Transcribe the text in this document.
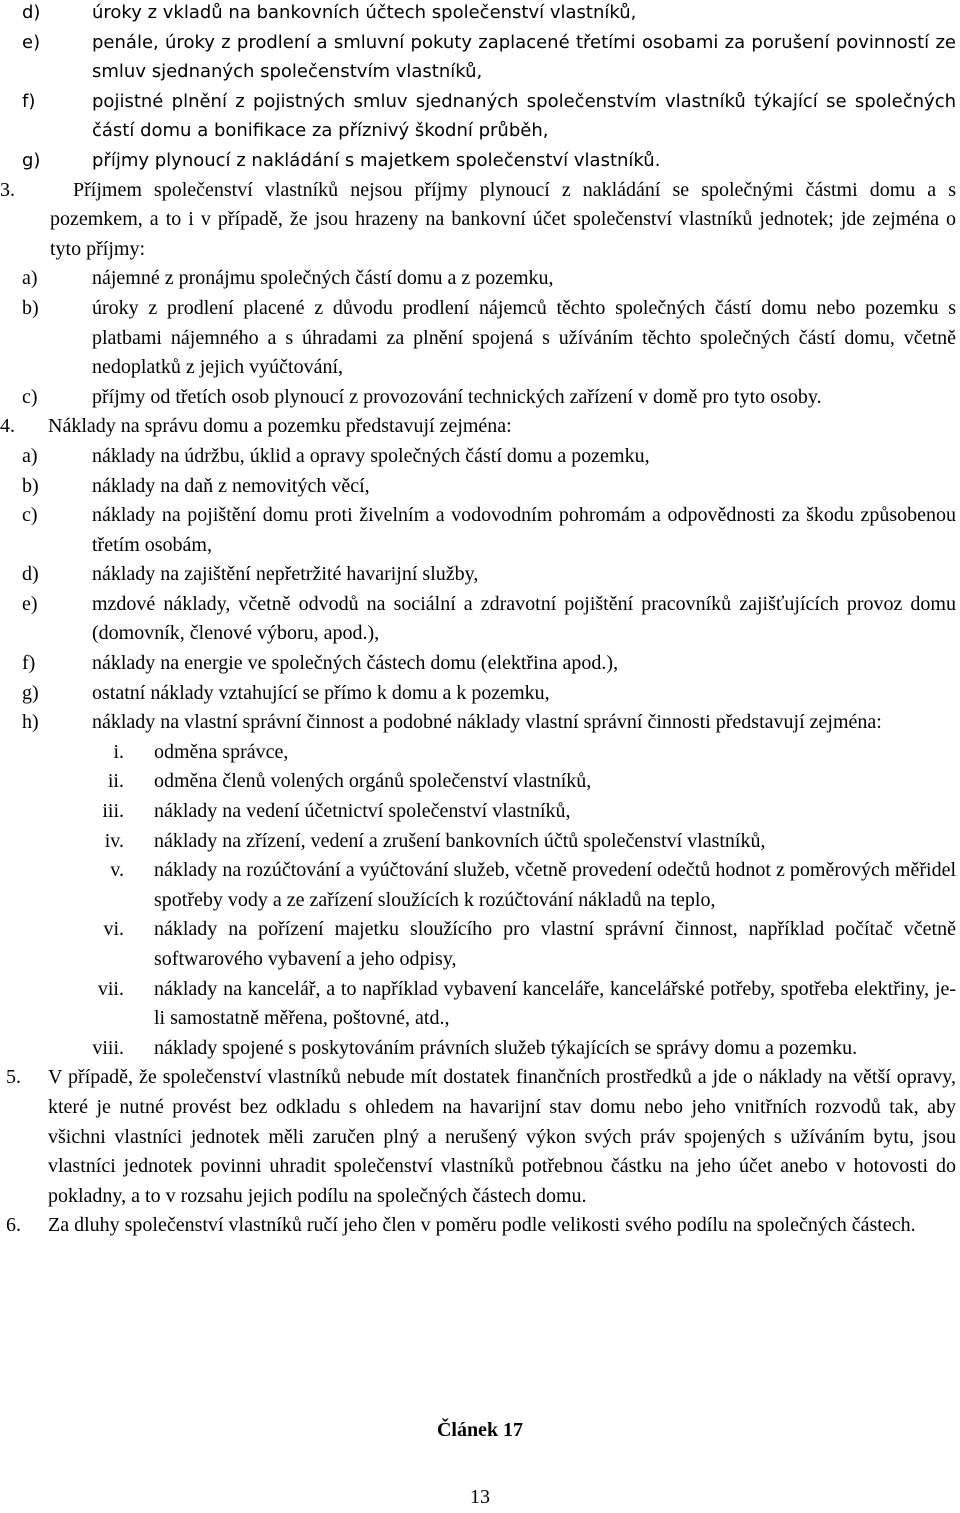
d)	úroky z vkladů na bankovních účtech společenství vlastníků,
e)	penále, úroky z prodlení a smluvní pokuty zaplacené třetími osobami za porušení povinností ze smluv sjednaných společenstvím vlastníků,
f)	pojistné plnění z pojistných smluv sjednaných společenstvím vlastníků týkající se společných částí domu a bonifikace za příznivý škodní průběh,
g)	příjmy plynoucí z nakládání s majetkem společenství vlastníků.
3.	Příjmem společenství vlastníků nejsou příjmy plynoucí z nakládání se společnými částmi domu a s pozemkem, a to i v případě, že jsou hrazeny na bankovní účet společenství vlastníků jednotek; jde zejména o tyto příjmy:
a)	nájemné z pronájmu společných částí domu a z pozemku,
b)	úroky z prodlení placené z důvodu prodlení nájemců těchto společných částí domu nebo pozemku s platbami nájemného a s úhradami za plnění spojená s užíváním těchto společných částí domu, včetně nedoplatků z jejich vyúčtování,
c)	příjmy od třetích osob plynoucí z provozování technických zařízení v domě pro tyto osoby.
4. Náklady na správu domu a pozemku představují zejména:
a)	náklady na údržbu, úklid a opravy společných částí domu a pozemku,
b)	náklady na daň z nemovitých věcí,
c)	náklady na pojištění domu proti živelním a vodovodním pohromám a odpovědnosti za škodu způsobenou třetím osobám,
d)	náklady na zajištění nepřetržité havarijní služby,
e)	mzdové náklady, včetně odvodů na sociální a zdravotní pojištění pracovníků zajišťujících provoz domu (domovník, členové výboru, apod.),
f)	náklady na energie ve společných částech domu (elektřina apod.),
g)	ostatní náklady vztahující se přímo k domu a k pozemku,
h)	náklady na vlastní správní činnost a podobné náklady vlastní správní činnosti představují zejména:
i. odměna správce,
ii. odměna členů volených orgánů společenství vlastníků,
iii. náklady na vedení účetnictví společenství vlastníků,
iv. náklady na zřízení, vedení a zrušení bankovních účtů společenství vlastníků,
v. náklady na rozúčtování a vyúčtování služeb, včetně provedení odečtů hodnot z poměrových měřidel spotřeby vody a ze zařízení sloužících k rozúčtování nákladů na teplo,
vi. náklady na pořízení majetku sloužícího pro vlastní správní činnost, například počítač včetně softwarového vybavení a jeho odpisy,
vii. náklady na kancelář, a to například vybavení kanceláře, kancelářské potřeby, spotřeba elektřiny, je-li samostatně měřena, poštovné, atd.,
viii. náklady spojené s poskytováním právních služeb týkajících se správy domu a pozemku.
5. V případě, že společenství vlastníků nebude mít dostatek finančních prostředků a jde o náklady na větší opravy, které je nutné provést bez odkladu s ohledem na havarijní stav domu nebo jeho vnitřních rozvodů tak, aby všichni vlastníci jednotek měli zaručen plný a nerušený výkon svých práv spojených s užíváním bytu, jsou vlastníci jednotek povinni uhradit společenství vlastníků potřebnou částku na jeho účet anebo v hotovosti do pokladny, a to v rozsahu jejich podílu na společných částech domu.
6. Za dluhy společenství vlastníků ručí jeho člen v poměru podle velikosti svého podílu na společných částech.
Článek 17
13
